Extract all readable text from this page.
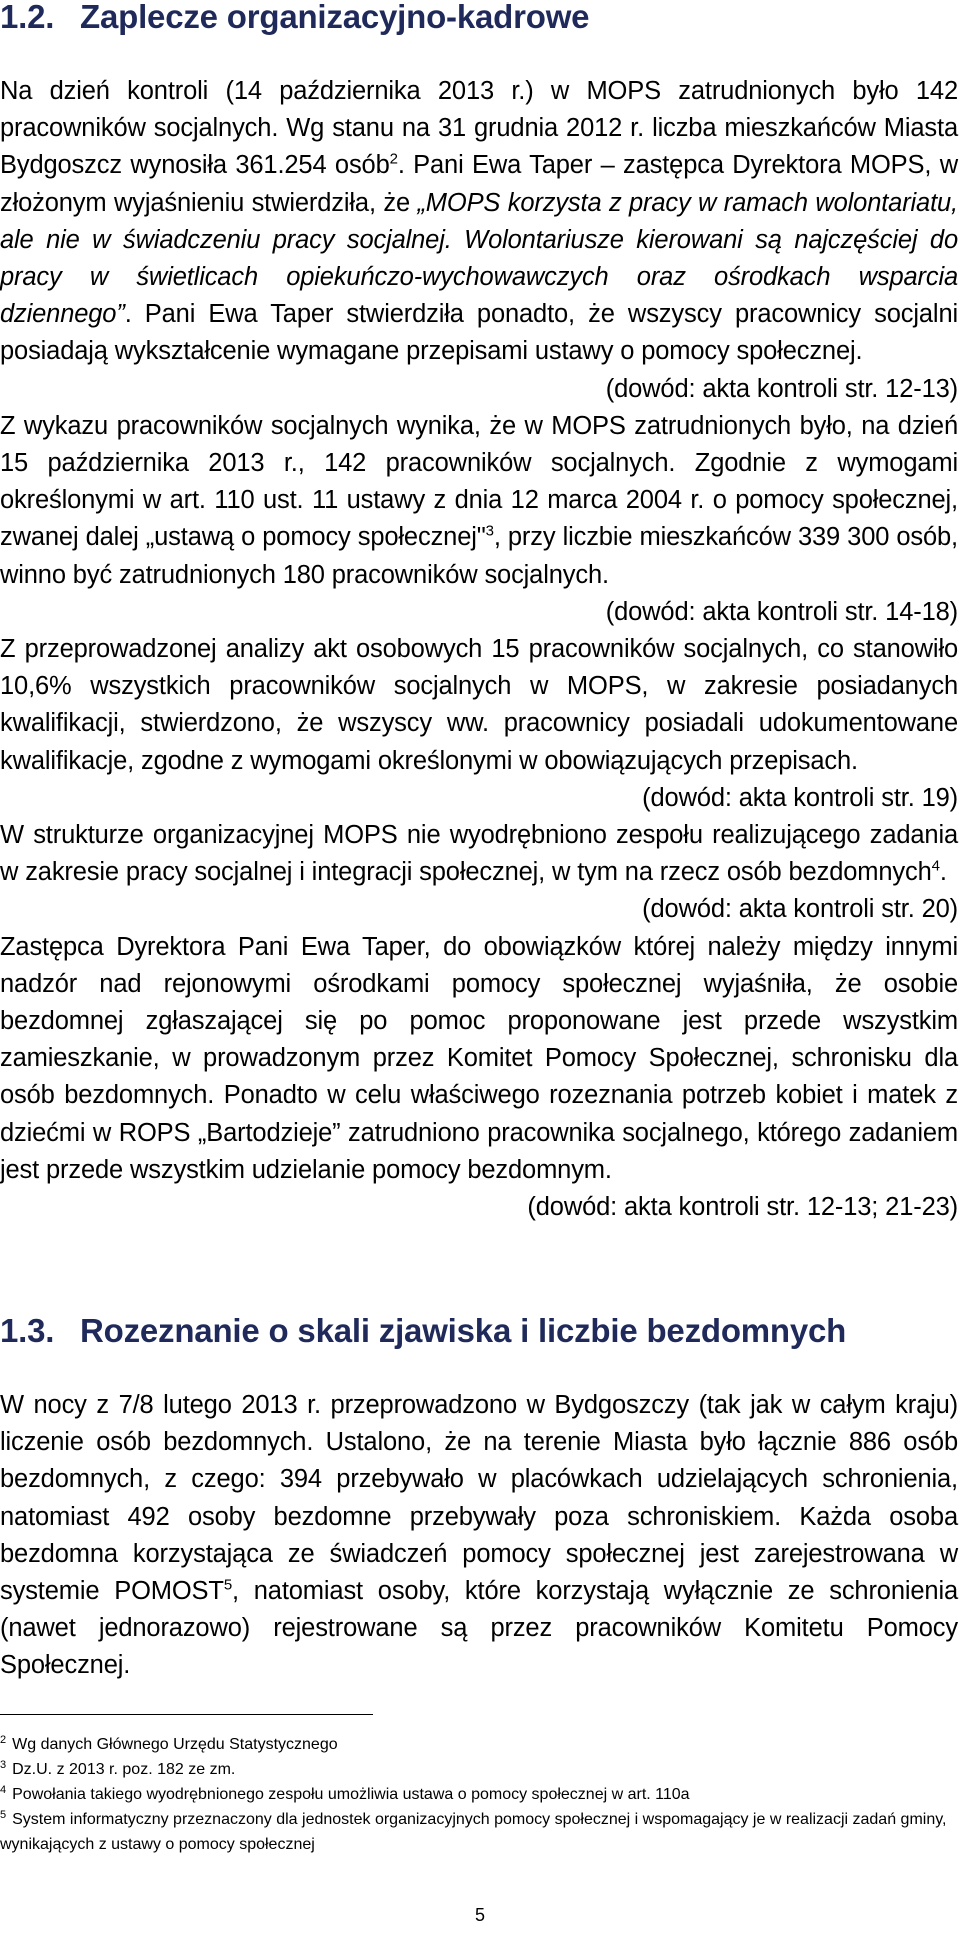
1.2. Zaplecze organizacyjno-kadrowe

Na dzień kontroli (14 października 2013 r.) w MOPS zatrudnionych było 142 pracowników socjalnych. Wg stanu na 31 grudnia 2012 r. liczba mieszkańców Miasta Bydgoszcz wynosiła 361.254 osób$^2$. Pani Ewa Taper – zastępca Dyrektora MOPS, w złożonym wyjaśnieniu stwierdziła, że „MOPS korzysta z pracy w ramach wolontariatu, ale nie w świadczeniu pracy socjalnej. Wolontariusze kierowani są najczęściej do pracy w świetlicach opiekuńczo-wychowawczych oraz ośrodkach wsparcia dziennego”. Pani Ewa Taper stwierdziła ponadto, że wszyscy pracownicy socjalni posiadają wykształcenie wymagane przepisami ustawy o pomocy społecznej.

(dowód: akta kontroli str. 12-13)

Z wykazu pracowników socjalnych wynika, że w MOPS zatrudnionych było, na dzień 15 października 2013 r., 142 pracowników socjalnych. Zgodnie z wymogami określonymi w art. 110 ust. 11 ustawy z dnia 12 marca 2004 r. o pomocy społecznej, zwanej dalej „ustawą o pomocy społecznej"$^3$, przy liczbie mieszkańców 339 300 osób, winno być zatrudnionych 180 pracowników socjalnych.

(dowód: akta kontroli str. 14-18)

Z przeprowadzonej analizy akt osobowych 15 pracowników socjalnych, co stanowiło 10,6% wszystkich pracowników socjalnych w MOPS, w zakresie posiadanych kwalifikacji, stwierdzono, że wszyscy ww. pracownicy posiadali udokumentowane kwalifikacje, zgodne z wymogami określonymi w obowiązujących przepisach.

(dowód: akta kontroli str. 19)

W strukturze organizacyjnej MOPS nie wyodrębniono zespołu realizującego zadania w zakresie pracy socjalnej i integracji społecznej, w tym na rzecz osób bezdomnych$^4$.

(dowód: akta kontroli str. 20)

Zastępca Dyrektora Pani Ewa Taper, do obowiązków której należy między innymi nadzór nad rejonowymi ośrodkami pomocy społecznej wyjaśniła, że osobie bezdomnej zgłaszającej się po pomoc proponowane jest przede wszystkim zamieszkanie, w prowadzonym przez Komitet Pomocy Społecznej, schronisku dla osób bezdomnych. Ponadto w celu właściwego rozeznania potrzeb kobiet i matek z dziećmi w ROPS „Bartodzieje” zatrudniono pracownika socjalnego, którego zadaniem jest przede wszystkim udzielanie pomocy bezdomnym.

(dowód: akta kontroli str. 12-13; 21-23)

1.3. Rozeznanie o skali zjawiska i liczbie bezdomnych

W nocy z 7/8 lutego 2013 r. przeprowadzono w Bydgoszczy (tak jak w całym kraju) liczenie osób bezdomnych. Ustalono, że na terenie Miasta było łącznie 886 osób bezdomnych, z czego: 394 przebywało w placówkach udzielających schronienia, natomiast 492 osoby bezdomne przebywały poza schroniskiem. Każda osoba bezdomna korzystająca ze świadczeń pomocy społecznej jest zarejestrowana w systemie POMOST$^5$, natomiast osoby, które korzystają wyłącznie ze schronienia (nawet jednorazowo) rejestrowane są przez pracowników Komitetu Pomocy Społecznej.

$^2$ Wg danych Głównego Urzędu Statystycznego

$^3$ Dz.U. z 2013 r. poz. 182 ze zm.

$^4$ Powołania takiego wyodrębnionego zespołu umożliwia ustawa o pomocy społecznej w art. 110a

$^5$ System informatyczny przeznaczony dla jednostek organizacyjnych pomocy społecznej i wspomagający je w realizacji zadań gminy, wynikających z ustawy o pomocy społecznej

5
